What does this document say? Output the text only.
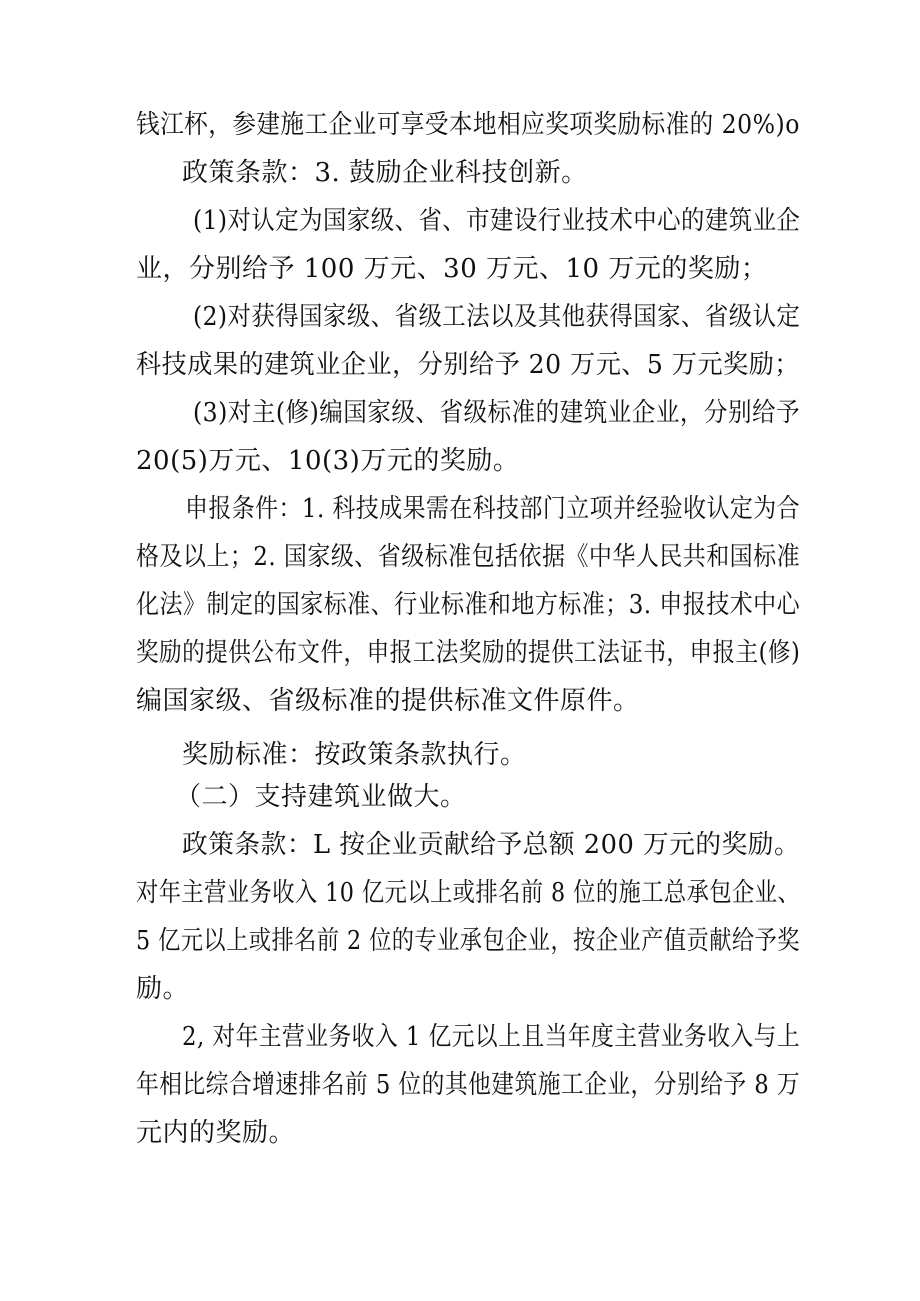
钱江杯，参建施工企业可享受本地相应奖项奖励标准的 20%)o
政策条款：3. 鼓励企业科技创新。
(1)对认定为国家级、省、市建设行业技术中心的建筑业企
业，分别给予 100 万元、30 万元、10 万元的奖励；
(2)对获得国家级、省级工法以及其他获得国家、省级认定
科技成果的建筑业企业，分别给予 20 万元、5 万元奖励；
(3)对主(修)编国家级、省级标准的建筑业企业，分别给予
20(5)万元、10(3)万元的奖励。
申报条件：1. 科技成果需在科技部门立项并经验收认定为合
格及以上；2. 国家级、省级标准包括依据《中华人民共和国标准
化法》制定的国家标准、行业标准和地方标准；3. 申报技术中心
奖励的提供公布文件，申报工法奖励的提供工法证书，申报主(修)
编国家级、省级标准的提供标准文件原件。
奖励标准：按政策条款执行。
（二）支持建筑业做大。
政策条款：L 按企业贡献给予总额 200 万元的奖励。
对年主营业务收入 10 亿元以上或排名前 8 位的施工总承包企业、
5 亿元以上或排名前 2 位的专业承包企业，按企业产值贡献给予奖
励。
2, 对年主营业务收入 1 亿元以上且当年度主营业务收入与上
年相比综合增速排名前 5 位的其他建筑施工企业，分别给予 8 万
元内的奖励。
